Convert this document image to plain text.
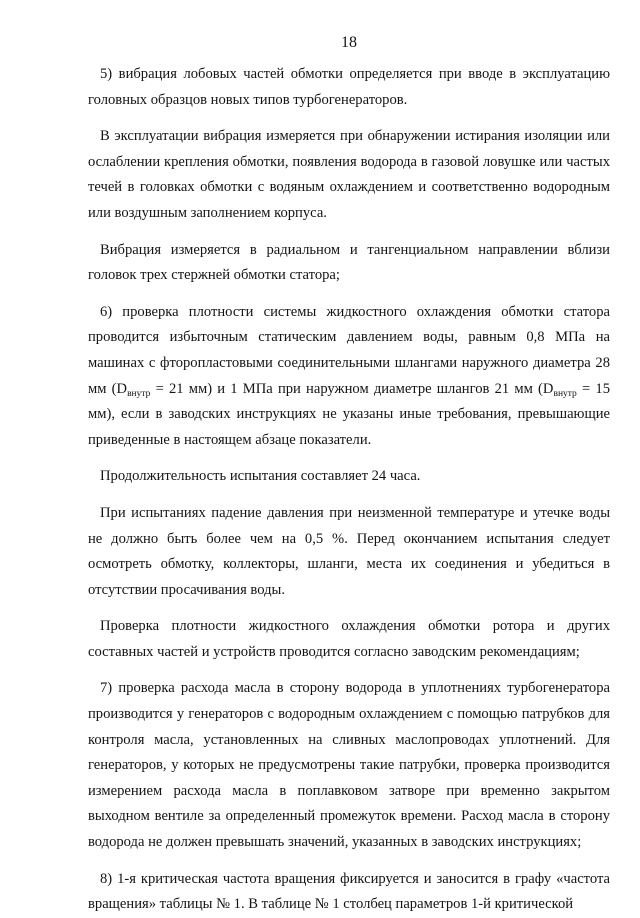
18

5) вибрация лобовых частей обмотки определяется при вводе в эксплуатацию головных образцов новых типов турбогенераторов.

В эксплуатации вибрация измеряется при обнаружении истирания изоляции или ослаблении крепления обмотки, появления водорода в газовой ловушке или частых течей в головках обмотки с водяным охлаждением и соответственно водородным или воздушным заполнением корпуса.

Вибрация измеряется в радиальном и тангенциальном направлении вблизи головок трех стержней обмотки статора;

6) проверка плотности системы жидкостного охлаждения обмотки статора проводится избыточным статическим давлением воды, равным 0,8 МПа на машинах с фторопластовыми соединительными шлангами наружного диаметра 28 мм ($D_{внутр} = 21$ мм) и 1 МПа при наружном диаметре шлангов 21 мм ($D_{внутр} = 15$ мм), если в заводских инструкциях не указаны иные требования, превышающие приведенные в настоящем абзаце показатели.

Продолжительность испытания составляет 24 часа.

При испытаниях падение давления при неизменной температуре и утечке воды не должно быть более чем на 0,5 %. Перед окончанием испытания следует осмотреть обмотку, коллекторы, шланги, места их соединения и убедиться в отсутствии просачивания воды.

Проверка плотности жидкостного охлаждения обмотки ротора и других составных частей и устройств проводится согласно заводским рекомендациям;

7) проверка расхода масла в сторону водорода в уплотнениях турбогенератора производится у генераторов с водородным охлаждением с помощью патрубков для контроля масла, установленных на сливных маслопроводах уплотнений. Для генераторов, у которых не предусмотрены такие патрубки, проверка производится измерением расхода масла в поплавковом затворе при временно закрытом выходном вентиле за определенный промежуток времени. Расход масла в сторону водорода не должен превышать значений, указанных в заводских инструкциях;

8) 1-я критическая частота вращения фиксируется и заносится в графу «частота вращения» таблицы № 1. В таблице № 1 столбец параметров 1-й критической
